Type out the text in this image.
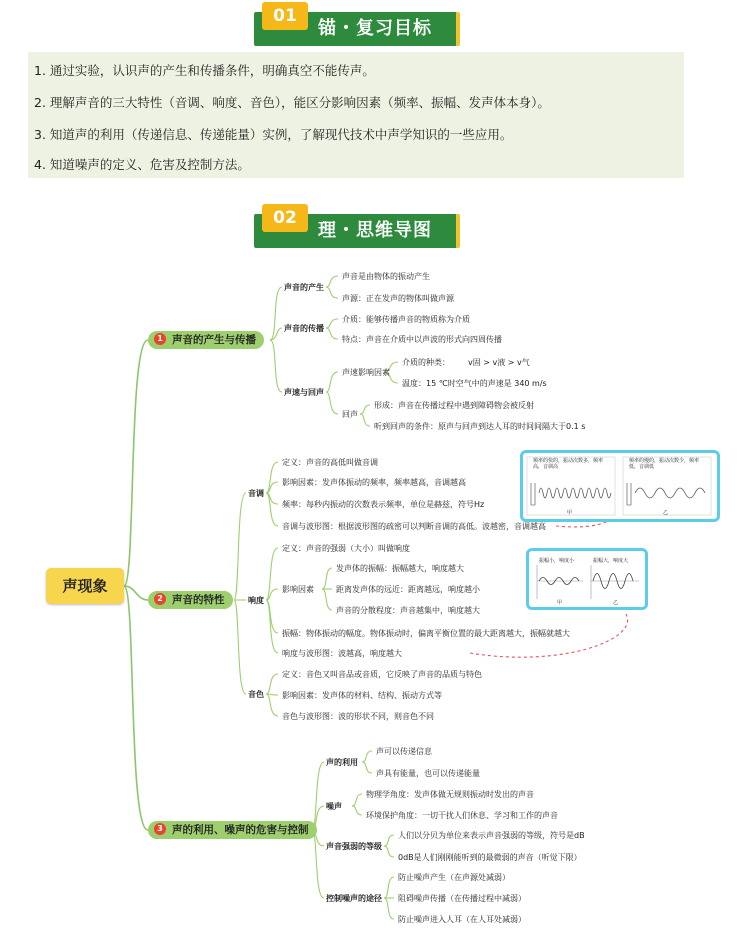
01
锚・复习目标
1. 通过实验，认识声的产生和传播条件，明确真空不能传声。
2. 理解声音的三大特性（音调、响度、音色），能区分影响因素（频率、振幅、发声体本身）。
3. 知道声的利用（传递信息、传递能量）实例，了解现代技术中声学知识的一些应用。
4. 知道噪声的定义、危害及控制方法。
02
理・思维导图
声现象
1 声音的产生与传播
声音的产生
声音是由物体的振动产生
声源：正在发声的物体叫做声源
声音的传播
介质：能够传播声音的物质称为介质
特点：声音在介质中以声波的形式向四周传播
声速与回声
声速影响因素
介质的种类： v固 > v液 > v气
温度：15 ℃时空气中的声速是 340 m/s
回声
形成：声音在传播过程中遇到障碍物会被反射
听到回声的条件：原声与回声到达人耳的时间间隔大于0.1 s
2 声音的特性
音调
定义：声音的高低叫做音调
影响因素：发声体振动的频率，频率越高，音调越高
频率：每秒内振动的次数表示频率，单位是赫兹，符号Hz
音调与波形图：根据波形图的疏密可以判断音调的高低。波越密，音调越高
响度
定义：声音的强弱（大小）叫做响度
影响因素
发声体的振幅：振幅越大，响度越大
距离发声体的远近：距离越远，响度越小
声音的分散程度：声音越集中，响度越大
振幅：物体振动的幅度。物体振动时，偏离平衡位置的最大距离越大，振幅就越大
响度与波形图：波越高，响度越大
音色
定义：音色又叫音品或音质，它反映了声音的品质与特色
影响因素：发声体的材料、结构、振动方式等
音色与波形图：波的形状不同，则音色不同
频率的快的，振动次数多，频率高，音调高
频率的慢的，振动次数少，频率低，音调低
甲	乙
振幅小，响度小	振幅大，响度大
甲	乙
3 声的利用、噪声的危害与控制
声的利用
声可以传递信息
声具有能量，也可以传递能量
噪声
物理学角度：发声体做无规则振动时发出的声音
环境保护角度：一切干扰人们休息、学习和工作的声音
声音强弱的等级
人们以分贝为单位来表示声音强弱的等级，符号是dB
0dB是人们刚刚能听到的最微弱的声音（听觉下限）
控制噪声的途径
防止噪声产生（在声源处减弱）
阻碍噪声传播（在传播过程中减弱）
防止噪声进入人耳（在人耳处减弱）
